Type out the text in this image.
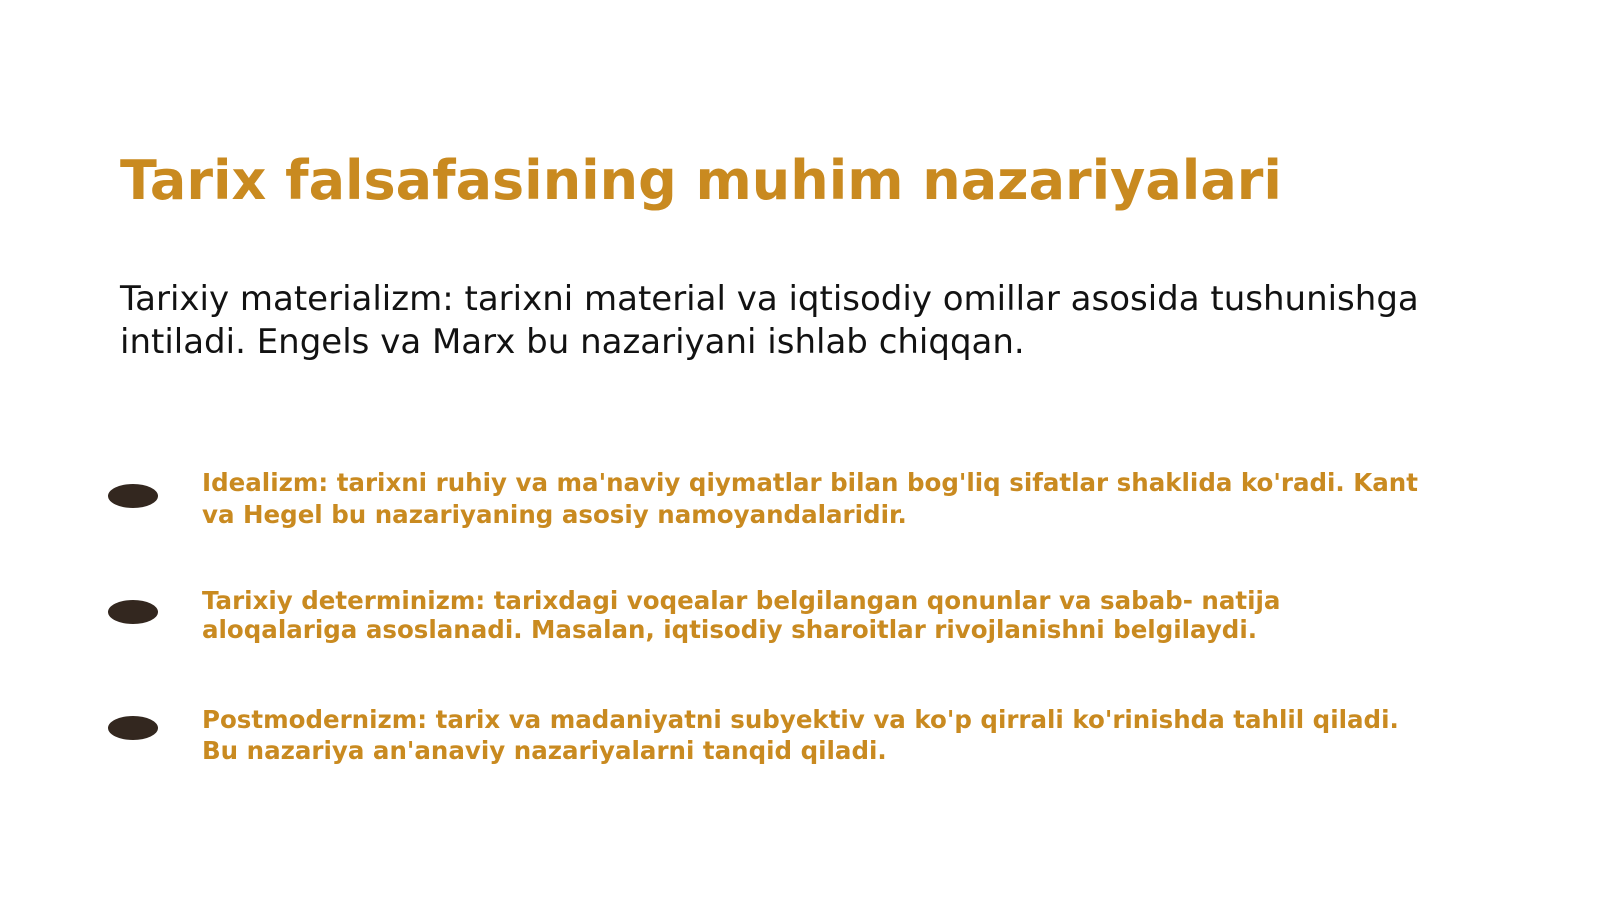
Tarix falsafasining muhim nazariyalari

Tarixiy materializm: tarixni material va iqtisodiy omillar asosida tushunishga intiladi. Engels va Marx bu nazariyani ishlab chiqqan.

Idealizm: tarixni ruhiy va ma'naviy qiymatlar bilan bog'liq sifatlar shaklida ko'radi. Kant va Hegel bu nazariyaning asosiy namoyandalaridir.

Tarixiy determinizm: tarixdagi voqealar belgilangan qonunlar va sabab- natija aloqalariga asoslanadi. Masalan, iqtisodiy sharoitlar rivojlanishni belgilaydi.

Postmodernizm: tarix va madaniyatni subyektiv va ko'p qirrali ko'rinishda tahlil qiladi. Bu nazariya an'anaviy nazariyalarni tanqid qiladi.
